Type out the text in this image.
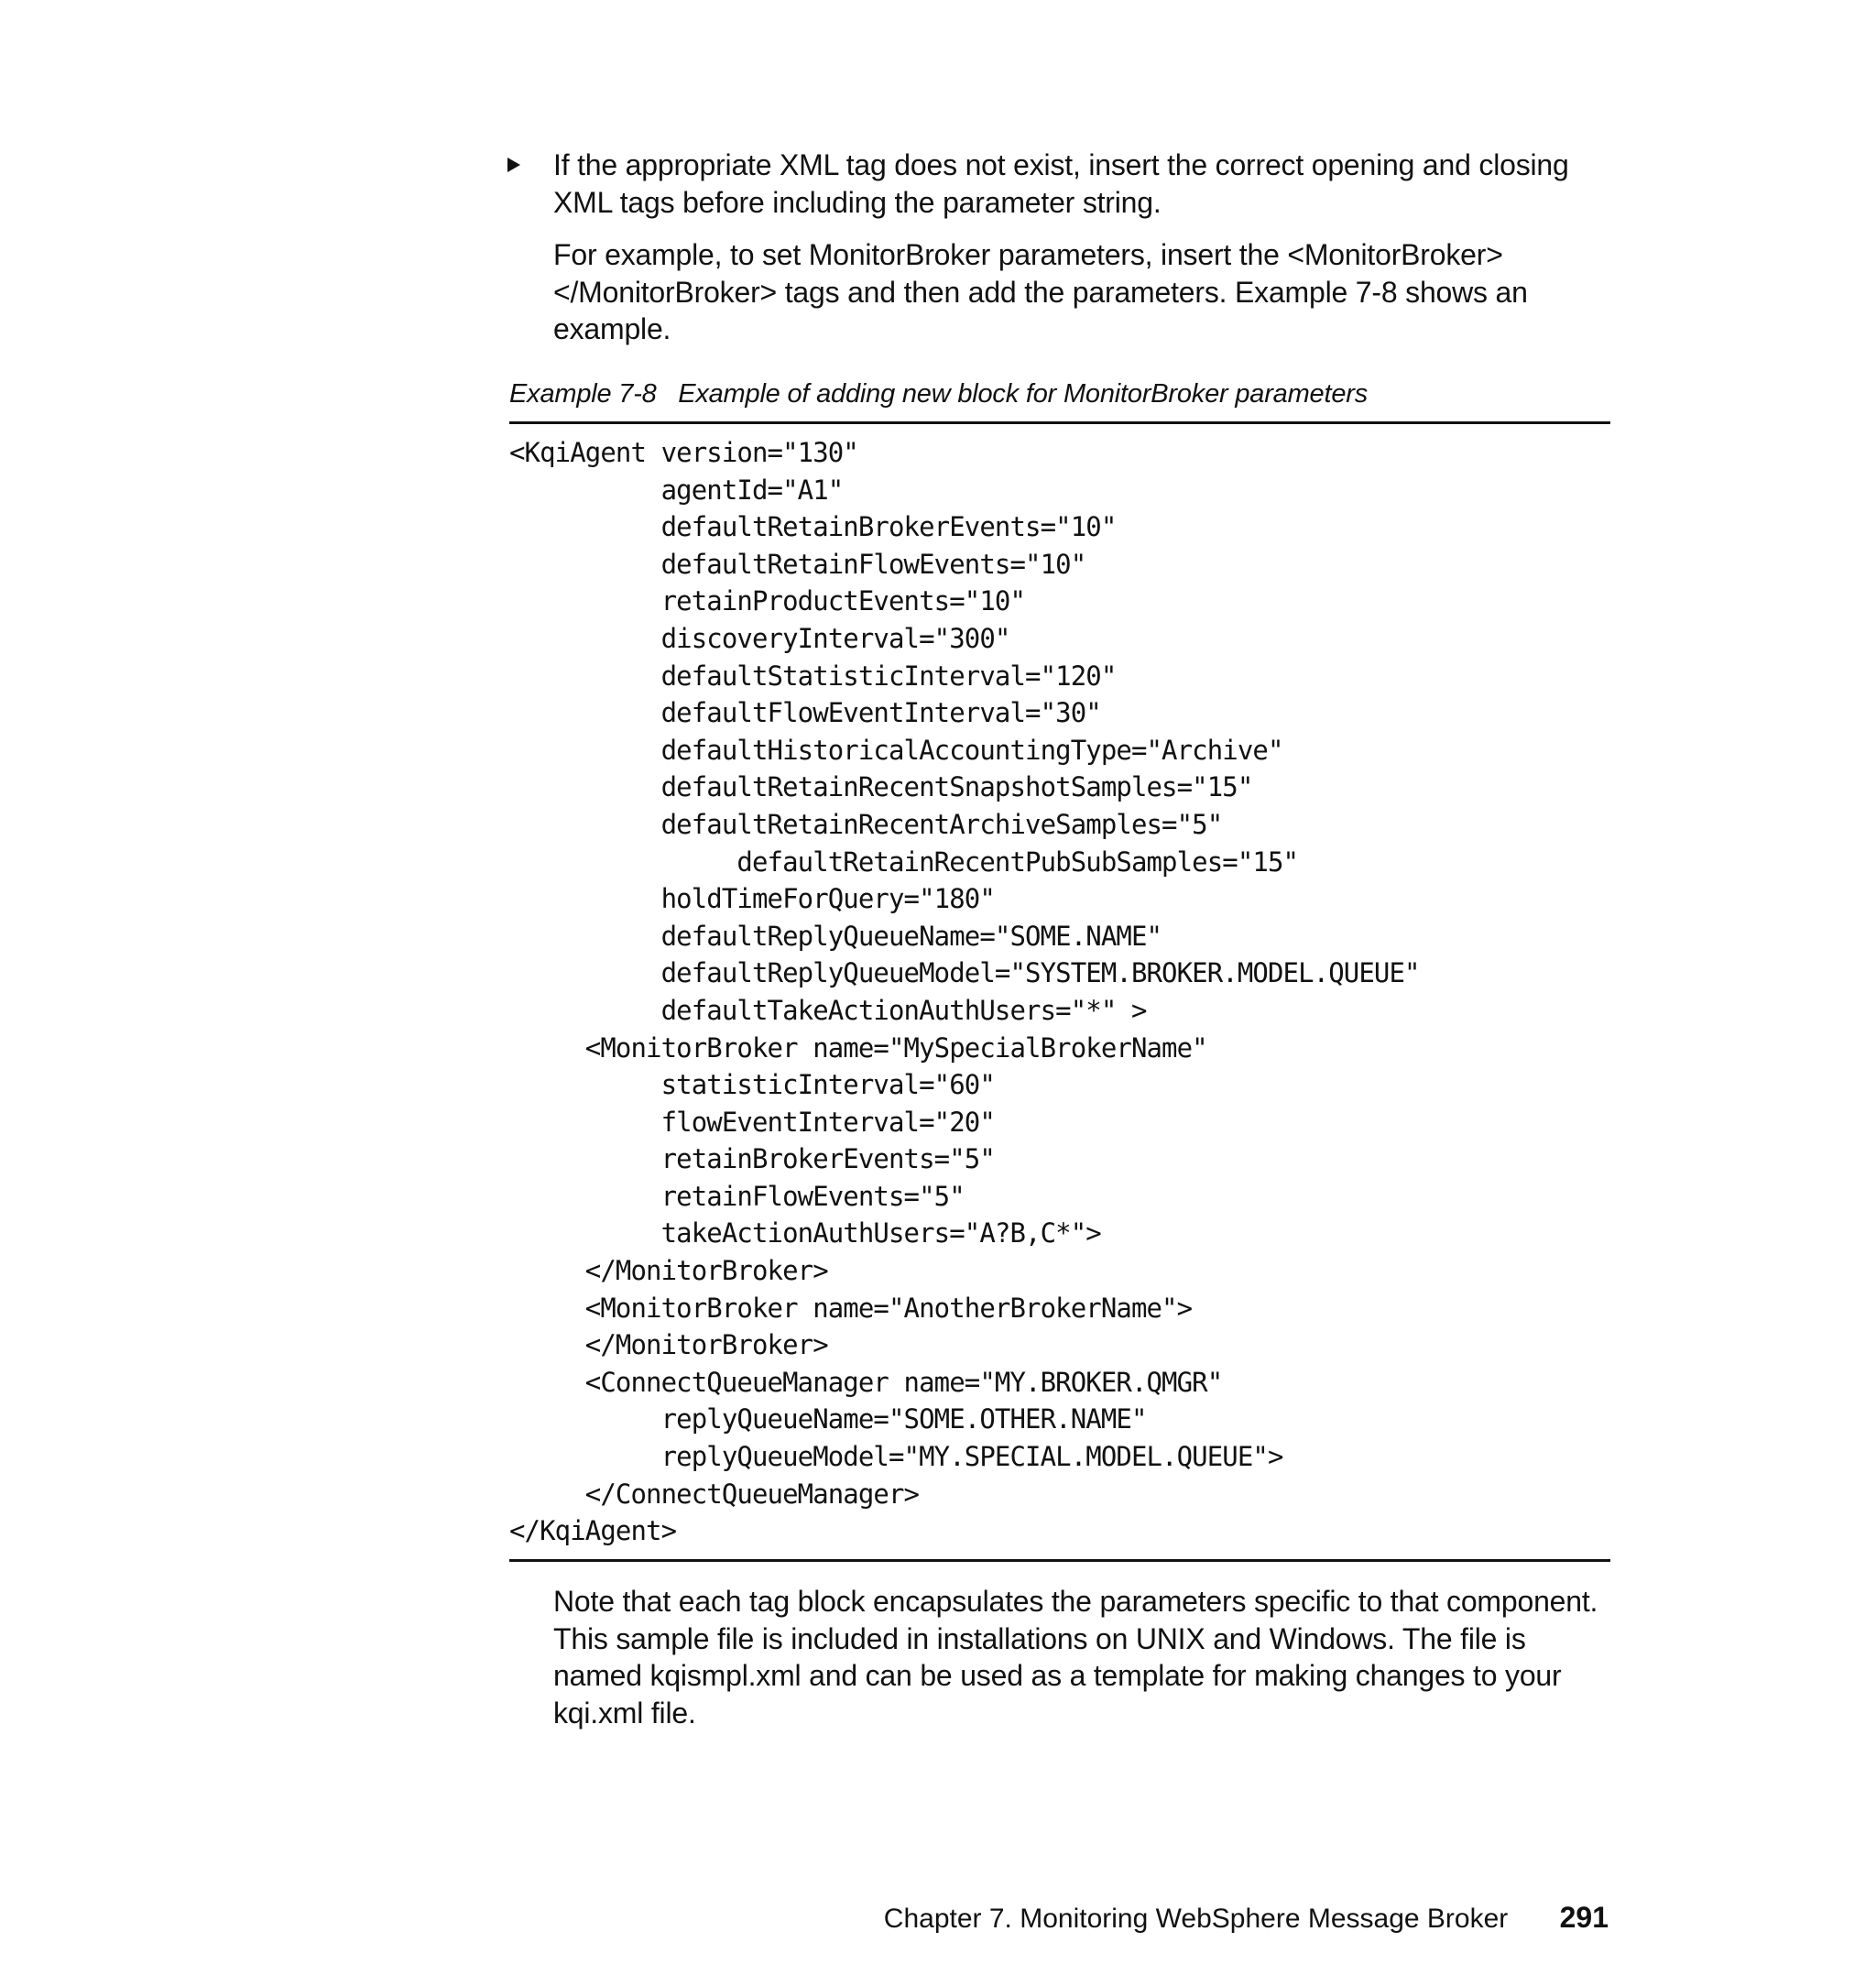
If the appropriate XML tag does not exist, insert the correct opening and closing XML tags before including the parameter string.

For example, to set MonitorBroker parameters, insert the <MonitorBroker></MonitorBroker> tags and then add the parameters. Example 7-8 shows an example.

Example 7-8 Example of adding new block for MonitorBroker parameters
<KqiAgent version="130"
agentId="A1"
defaultRetainBrokerEvents="10"
defaultRetainFlowEvents="10"
retainProductEvents="10"
discoveryInterval="300"
defaultStatisticInterval="120"
defaultFlowEventInterval="30"
defaultHistoricalAccountingType="Archive"
defaultRetainRecentSnapshotSamples="15"
defaultRetainRecentArchiveSamples="5"
defaultRetainRecentPubSubSamples="15"
holdTimeForQuery="180"
defaultReplyQueueName="SOME.NAME"
defaultReplyQueueModel="SYSTEM.BROKER.MODEL.QUEUE"
defaultTakeActionAuthUsers="*" >
<MonitorBroker name="MySpecialBrokerName"
statisticInterval="60"
flowEventInterval="20"
retainBrokerEvents="5"
retainFlowEvents="5"
takeActionAuthUsers="A?B,C*">
</MonitorBroker>
<MonitorBroker name="AnotherBrokerName">
</MonitorBroker>
<ConnectQueueManager name="MY.BROKER.QMGR"
replyQueueName="SOME.OTHER.NAME"
replyQueueModel="MY.SPECIAL.MODEL.QUEUE">
</ConnectQueueManager>
</KqiAgent>

Note that each tag block encapsulates the parameters specific to that component. This sample file is included in installations on UNIX and Windows. The file is named kqismpl.xml and can be used as a template for making changes to your kqi.xml file.

Chapter 7. Monitoring WebSphere Message Broker 291
